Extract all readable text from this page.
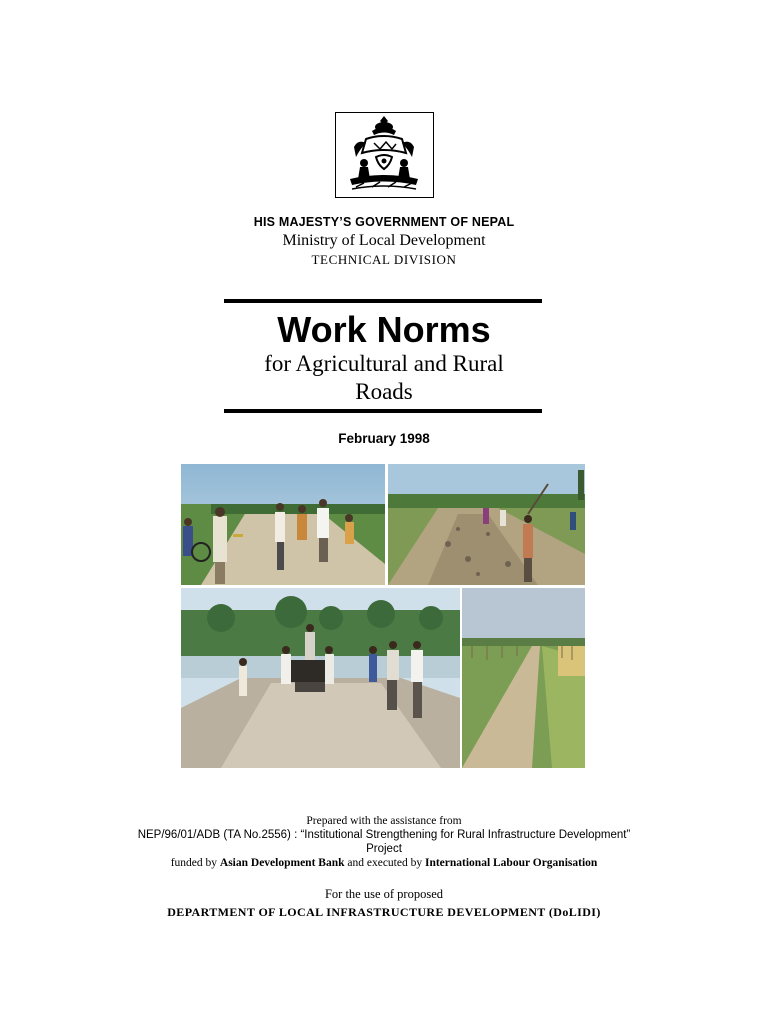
HIS MAJESTY’S GOVERNMENT OF NEPAL
Ministry of Local Development
TECHNICAL DIVISION
Work Norms
for Agricultural and Rural
Roads
February 1998
Prepared with the assistance from
NEP/96/01/ADB (TA No.2556) : “Institutional Strengthening for Rural Infrastructure Development”
Project
funded by Asian Development Bank and executed by International Labour Organisation
For the use of proposed
DEPARTMENT OF LOCAL INFRASTRUCTURE DEVELOPMENT (DoLIDI)
